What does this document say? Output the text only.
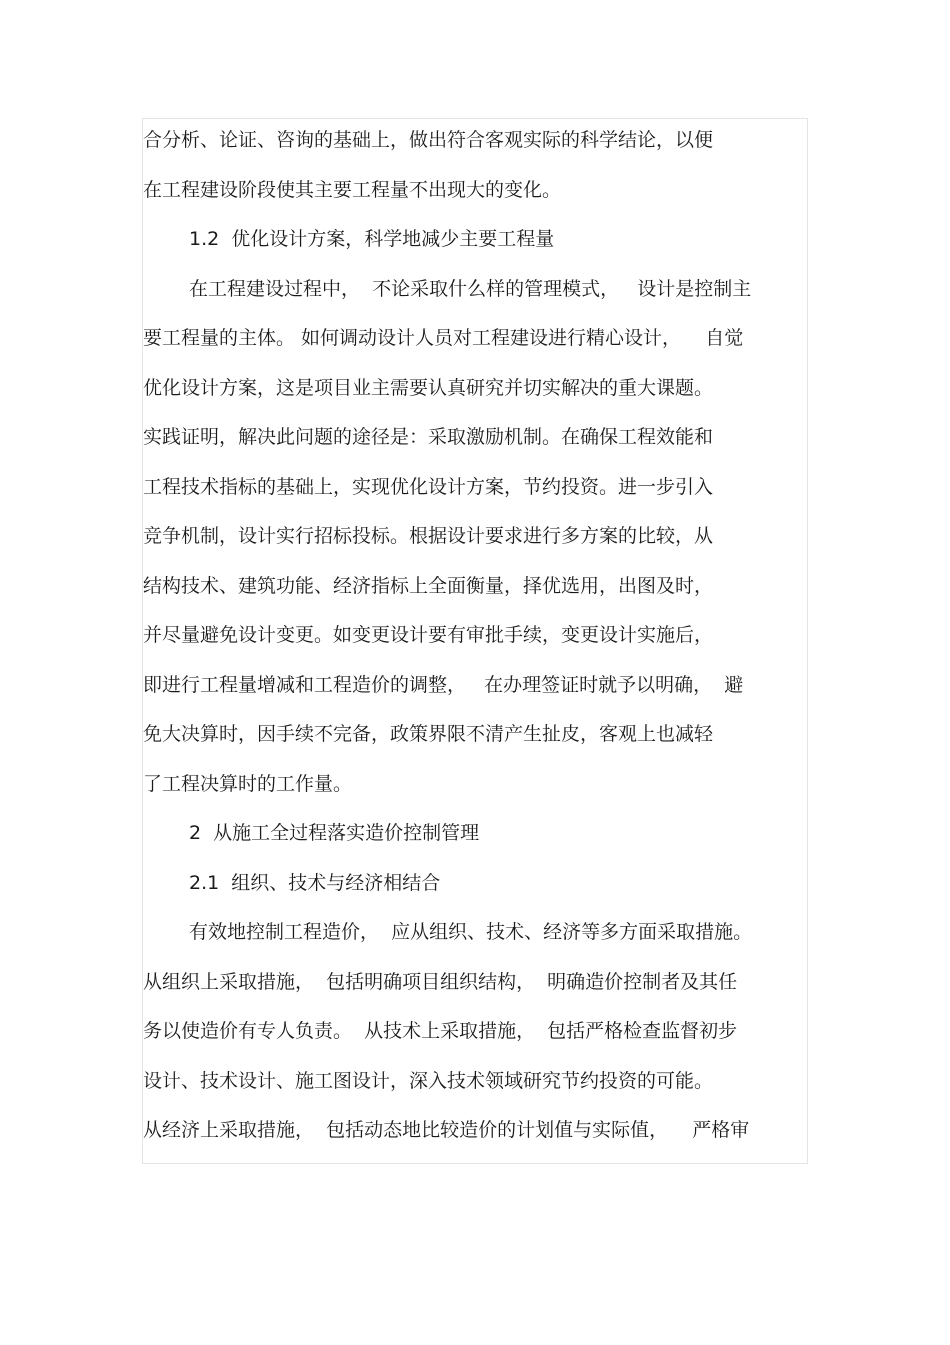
合分析、论证、咨询的基础上，做出符合客观实际的科学结论，以便
在工程建设阶段使其主要工程量不出现大的变化。
1.2  优化设计方案，科学地减少主要工程量
在工程建设过程中，  不论采取什么样的管理模式，   设计是控制主
要工程量的主体。 如何调动设计人员对工程建设进行精心设计，    自觉
优化设计方案，这是项目业主需要认真研究并切实解决的重大课题。
实践证明，解决此问题的途径是：采取激励机制。在确保工程效能和
工程技术指标的基础上，实现优化设计方案，节约投资。进一步引入
竞争机制，设计实行招标投标。根据设计要求进行多方案的比较，从
结构技术、建筑功能、经济指标上全面衡量，择优选用，出图及时，
并尽量避免设计变更。如变更设计要有审批手续，变更设计实施后，
即进行工程量增减和工程造价的调整，   在办理签证时就予以明确，  避
免大决算时，因手续不完备，政策界限不清产生扯皮，客观上也减轻
了工程决算时的工作量。
2  从施工全过程落实造价控制管理
2.1  组织、技术与经济相结合
有效地控制工程造价，  应从组织、技术、经济等多方面采取措施。
从组织上采取措施，  包括明确项目组织结构，  明确造价控制者及其任
务以使造价有专人负责。  从技术上采取措施，  包括严格检查监督初步
设计、技术设计、施工图设计，深入技术领域研究节约投资的可能。
从经济上采取措施，  包括动态地比较造价的计划值与实际值，    严格审
